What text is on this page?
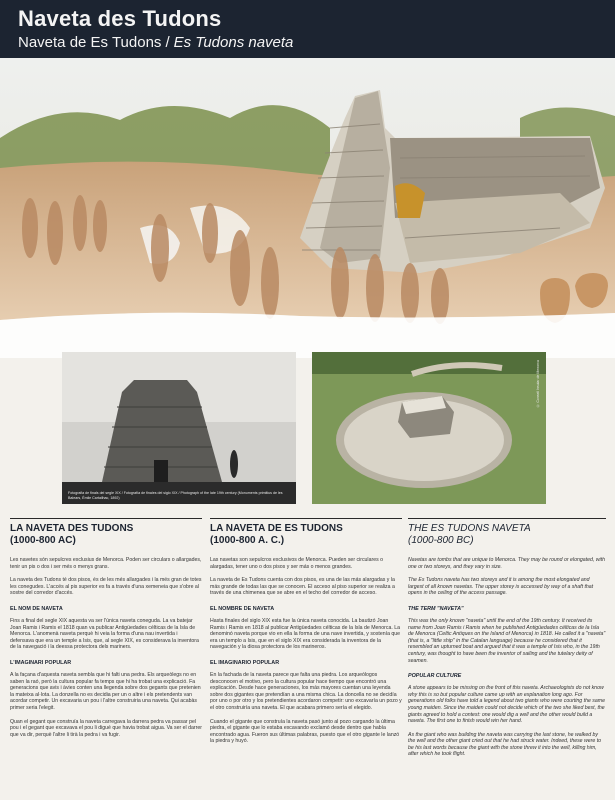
Naveta des Tudons
Naveta de Es Tudons / Es Tudons naveta
Fotografia de finals del segle XIX / Fotografía de finales del siglo XIX / Photograph of the late 19th century (Monuments primitius de les Balears, Émile Cartailhac, 1892)
© Consell Insular de Menorca
LA NAVETA DES TUDONS
(1000-800 AC)

Les navetes són sepulcres exclusius de Menorca. Poden ser circulars o allargades, tenir un pis o dos i ser més o menys grans.

La naveta des Tudons té dos pisos, és de les més allargades i la més gran de totes les conegudes. L'accés al pis superior es fa a través d'una xemeneia que s'obre al sostre del corredor d'accés.

EL NOM DE NAVETA

Fins a final del segle XIX aquesta va ser l'única naveta coneguda. La va batejar Joan Ramis i Ramis el 1818 quan va publicar Antigüedades célticas de la Isla de Menorca. L'anomenà naveta perquè hi veia la forma d'una nau invertida i defensava que era un temple a Isis, que, al segle XIX, es considerava la inventora de la navegació i la deessa protectora dels mariners.

L'IMAGINARI POPULAR

A la façana d'aquesta naveta sembla que hi falti una pedra. Els arqueòlegs no en saben la raó, però la cultura popular fa temps que hi ha trobat una explicació. Fa generacions que avis i àvies conten una llegenda sobre dos gegants que pretenien la mateixa al·lota. La donzella no es decidia per un o altre i els pretendents van acordar competir. Un excavaria un pou i l'altre construiria una naveta. Qui acabàs primer seria l'elegit.

Quan el gegant que construïa la naveta carregava la darrera pedra va passar pel pou i el gegant que excavava el pou li digué que havia trobat aigua. Va ser el darrer que va dir, perquè l'altre li tirà la pedra i va fugir.

LA NAVETA DE ES TUDONS
(1000-800 A. C.)

Las navetas son sepulcros exclusivos de Menorca. Pueden ser circulares o alargadas, tener uno o dos pisos y ser más o menos grandes.

La naveta de Es Tudons cuenta con dos pisos, es una de las más alargadas y la más grande de todas las que se conocen. El acceso al piso superior se realiza a través de una chimenea que se abre en el techo del corredor de acceso.

EL NOMBRE DE NAVETA

Hasta finales del siglo XIX esta fue la única naveta conocida. La bautizó Joan Ramis i Ramis en 1818 al publicar Antigüedades célticas de la Isla de Menorca. La denominó naveta porque vio en ella la forma de una nave invertida, y sostenía que era un templo a Isis, que en el siglo XIX era considerada la inventora de la navegación y la diosa protectora de los marineros.

EL IMAGINARIO POPULAR

En la fachada de la naveta parece que falta una piedra. Los arqueólogos desconocen el motivo, pero la cultura popular hace tiempo que encontró una explicación. Desde hace generaciones, los más mayores cuentan una leyenda sobre dos gigantes que pretendían a una misma chica. La doncella no se decidía por uno o por otro y los pretendientes acordaron competir: uno excavaría un pozo y el otro construiría una naveta. El que acabara primero sería el elegido.

Cuando el gigante que construía la naveta pasó junto al pozo cargando la última piedra, el gigante que lo estaba excavando exclamó desde dentro que había encontrado agua. Fueron sus últimas palabras, puesto que el otro gigante le lanzó la piedra y huyó.

THE ES TUDONS NAVETA
(1000-800 BC)

Navetas are tombs that are unique to Menorca. They may be round or elongated, with one or two storeys, and they vary in size.

The Es Tudons naveta has two storeys and it is among the most elongated and largest of all known navetas. The upper storey is accessed by way of a shaft that opens in the ceiling of the access passage.

THE TERM "NAVETA"

This was the only known "naveta" until the end of the 19th century. It received its name from Joan Ramis i Ramis when he published Antigüedades célticas de la Isla de Menorca (Celtic Antiques on the Island of Menorca) in 1818. He called it a "naveta" (that is, a "little ship" in the Catalan language) because he considered that it resembled an upturned boat and argued that it was a temple of Isis who, in the 19th century, was thought to have been the inventor of sailing and the tutelary deity of seamen.

POPULAR CULTURE

A stone appears to be missing on the front of this naveta. Archaeologists do not know why this is so but popular culture came up with an explanation long ago. For generations old folks have told a legend about two giants who were courting the same young maiden. Since the maiden could not decide which of the two she liked best, the giants agreed to hold a contest: one would dig a well and the other would build a naveta. The first one to finish would win her hand.

As the giant who was building the naveta was carrying the last stone, he walked by the well and the other giant cried out that he had struck water. Indeed, these were to be his last words because the giant with the stone threw it into the well, killing him, after which he took flight.
